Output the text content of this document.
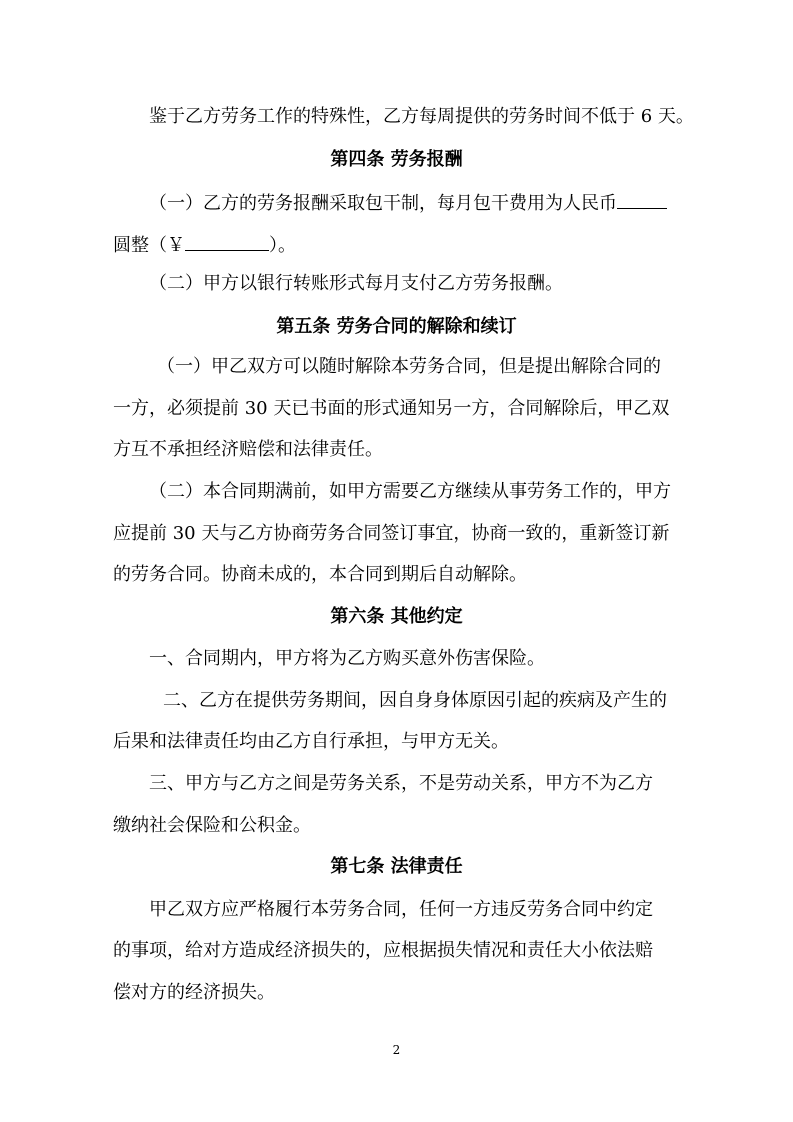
鉴于乙方劳务工作的特殊性，乙方每周提供的劳务时间不低于 6 天。
第四条 劳务报酬
（一）乙方的劳务报酬采取包干制，每月包干费用为人民币
圆整（￥	）。
（二）甲方以银行转账形式每月支付乙方劳务报酬。
第五条 劳务合同的解除和续订
（一）甲乙双方可以随时解除本劳务合同，但是提出解除合同的
一方，必须提前 30 天已书面的形式通知另一方，合同解除后，甲乙双
方互不承担经济赔偿和法律责任。
（二）本合同期满前，如甲方需要乙方继续从事劳务工作的，甲方
应提前 30 天与乙方协商劳务合同签订事宜，协商一致的，重新签订新
的劳务合同。协商未成的，本合同到期后自动解除。
第六条 其他约定
一、合同期内，甲方将为乙方购买意外伤害保险。
二、乙方在提供劳务期间，因自身身体原因引起的疾病及产生的
后果和法律责任均由乙方自行承担，与甲方无关。
三、甲方与乙方之间是劳务关系，不是劳动关系，甲方不为乙方
缴纳社会保险和公积金。
第七条 法律责任
甲乙双方应严格履行本劳务合同，任何一方违反劳务合同中约定
的事项，给对方造成经济损失的，应根据损失情况和责任大小依法赔
偿对方的经济损失。
2
